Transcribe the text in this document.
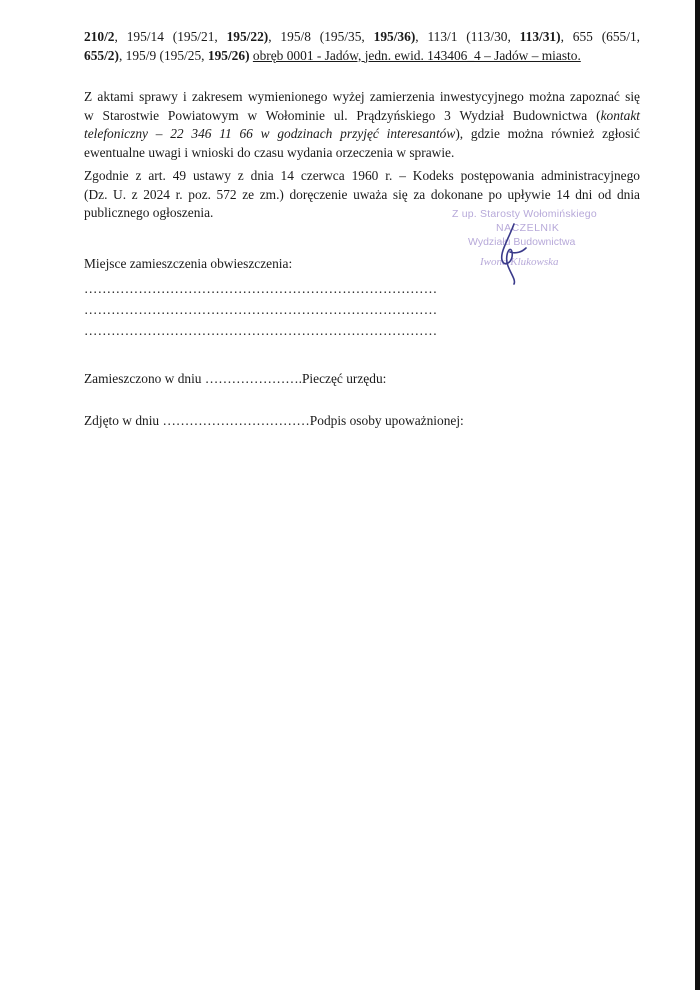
210/2, 195/14 (195/21, 195/22), 195/8 (195/35, 195/36), 113/1 (113/30, 113/31), 655 (655/1,
655/2), 195/9 (195/25, 195/26) obręb 0001 - Jadów, jedn. ewid. 143406_4 – Jadów – miasto.
Z aktami sprawy i zakresem wymienionego wyżej zamierzenia inwestycyjnego można zapoznać się
w Starostwie Powiatowym w Wołominie ul. Prądzyńskiego 3 Wydział Budownictwa (kontakt
telefoniczny – 22 346 11 66 w godzinach przyjęć interesantów), gdzie można również zgłosić
ewentualne uwagi i wnioski do czasu wydania orzeczenia w sprawie.
Zgodnie z art. 49 ustawy z dnia 14 czerwca 1960 r. – Kodeks postępowania administracyjnego
(Dz. U. z 2024 r. poz. 572 ze zm.) doręczenie uważa się za dokonane po upływie 14 dni od dnia
publicznego ogłoszenia.	Z up. Starosty Wołomińskiego
NACZELNIK
Wydziału Budownictwa
Iwona Klukowska
Miejsce zamieszczenia obwieszczenia:
……………………………………………………………………
……………………………………………………………………
……………………………………………………………………
Zamieszczono w dniu ………………….Pieczęć urzędu:
Zdjęto w dniu ……………………………Podpis osoby upoważnionej:
